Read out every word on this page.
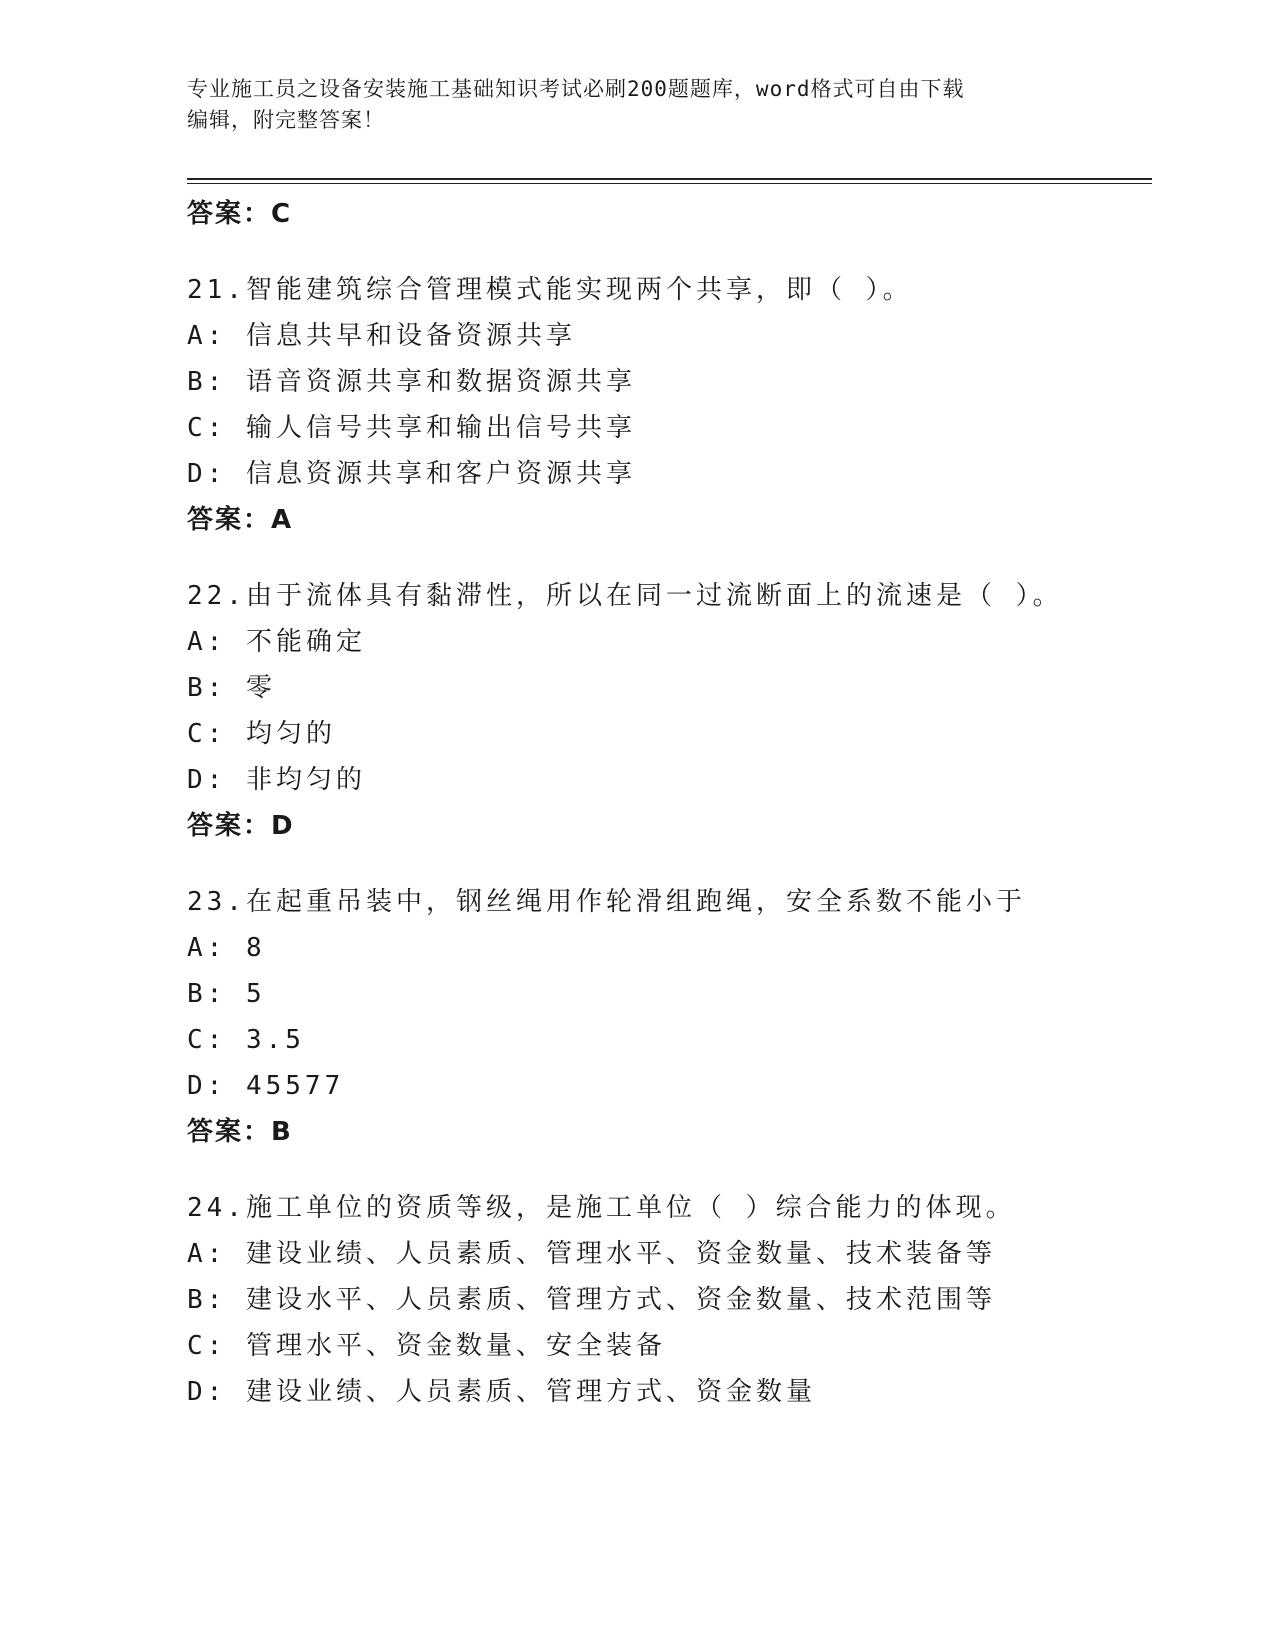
专业施工员之设备安装施工基础知识考试必刷200题题库，word格式可自由下载
编辑，附完整答案！
答案：C
21.智能建筑综合管理模式能实现两个共享，即（ ）。
A: 信息共早和设备资源共享
B: 语音资源共享和数据资源共享
C: 输人信号共享和输出信号共享
D: 信息资源共享和客户资源共享
答案：A
22.由于流体具有黏滞性，所以在同一过流断面上的流速是（ ）。
A: 不能确定
B: 零
C: 均匀的
D: 非均匀的
答案：D
23.在起重吊装中，钢丝绳用作轮滑组跑绳，安全系数不能小于
A: 8
B: 5
C: 3.5
D: 45577
答案：B
24.施工单位的资质等级，是施工单位（ ）综合能力的体现。
A: 建设业绩、人员素质、管理水平、资金数量、技术装备等
B: 建设水平、人员素质、管理方式、资金数量、技术范围等
C: 管理水平、资金数量、安全装备
D: 建设业绩、人员素质、管理方式、资金数量
